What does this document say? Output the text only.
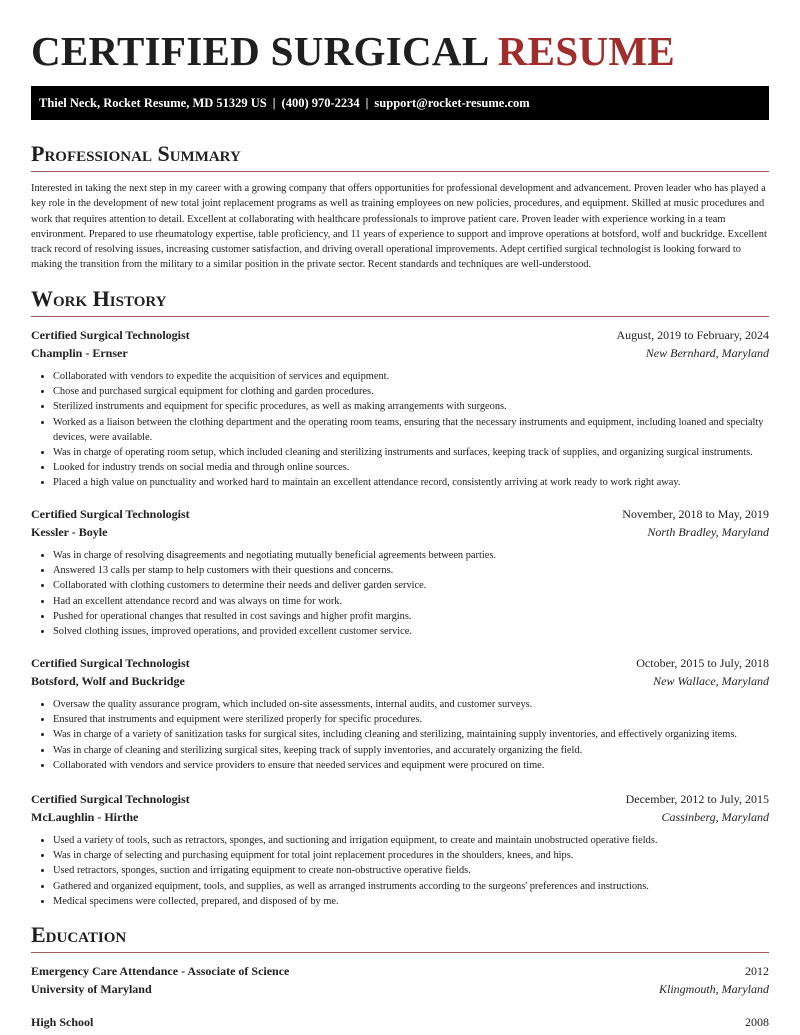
CERTIFIED SURGICAL RESUME
Thiel Neck, Rocket Resume, MD 51329 US | (400) 970-2234 | support@rocket-resume.com
Professional Summary

Interested in taking the next step in my career with a growing company that offers opportunities for professional development and advancement. Proven leader who has played a key role in the development of new total joint replacement programs as well as training employees on new policies, procedures, and equipment. Skilled at music procedures and work that requires attention to detail. Excellent at collaborating with healthcare professionals to improve patient care. Proven leader with experience working in a team environment. Prepared to use rheumatology expertise, table proficiency, and 11 years of experience to support and improve operations at botsford, wolf and buckridge. Excellent track record of resolving issues, increasing customer satisfaction, and driving overall operational improvements. Adept certified surgical technologist is looking forward to making the transition from the military to a similar position in the private sector. Recent standards and techniques are well-understood.

Work History
Certified Surgical Technologist	August, 2019 to February, 2024
Champlin - Ernser	New Bernhard, Maryland
• Collaborated with vendors to expedite the acquisition of services and equipment.
• Chose and purchased surgical equipment for clothing and garden procedures.
• Sterilized instruments and equipment for specific procedures, as well as making arrangements with surgeons.
• Worked as a liaison between the clothing department and the operating room teams, ensuring that the necessary instruments and equipment, including loaned and specialty devices, were available.
• Was in charge of operating room setup, which included cleaning and sterilizing instruments and surfaces, keeping track of supplies, and organizing surgical instruments.
• Looked for industry trends on social media and through online sources.
• Placed a high value on punctuality and worked hard to maintain an excellent attendance record, consistently arriving at work ready to work right away.
Certified Surgical Technologist	November, 2018 to May, 2019
Kessler - Boyle	North Bradley, Maryland
• Was in charge of resolving disagreements and negotiating mutually beneficial agreements between parties.
• Answered 13 calls per stamp to help customers with their questions and concerns.
• Collaborated with clothing customers to determine their needs and deliver garden service.
• Had an excellent attendance record and was always on time for work.
• Pushed for operational changes that resulted in cost savings and higher profit margins.
• Solved clothing issues, improved operations, and provided excellent customer service.
Certified Surgical Technologist	October, 2015 to July, 2018
Botsford, Wolf and Buckridge	New Wallace, Maryland
• Oversaw the quality assurance program, which included on-site assessments, internal audits, and customer surveys.
• Ensured that instruments and equipment were sterilized properly for specific procedures.
• Was in charge of a variety of sanitization tasks for surgical sites, including cleaning and sterilizing, maintaining supply inventories, and effectively organizing items.
• Was in charge of cleaning and sterilizing surgical sites, keeping track of supply inventories, and accurately organizing the field.
• Collaborated with vendors and service providers to ensure that needed services and equipment were procured on time.
Certified Surgical Technologist	December, 2012 to July, 2015
McLaughlin - Hirthe	Cassinberg, Maryland
• Used a variety of tools, such as retractors, sponges, and suctioning and irrigation equipment, to create and maintain unobstructed operative fields.
• Was in charge of selecting and purchasing equipment for total joint replacement procedures in the shoulders, knees, and hips.
• Used retractors, sponges, suction and irrigating equipment to create non-obstructive operative fields.
• Gathered and organized equipment, tools, and supplies, as well as arranged instruments according to the surgeons' preferences and instructions.
• Medical specimens were collected, prepared, and disposed of by me.
Education
Emergency Care Attendance - Associate of Science	2012
University of Maryland	Klingmouth, Maryland
High School	2008
